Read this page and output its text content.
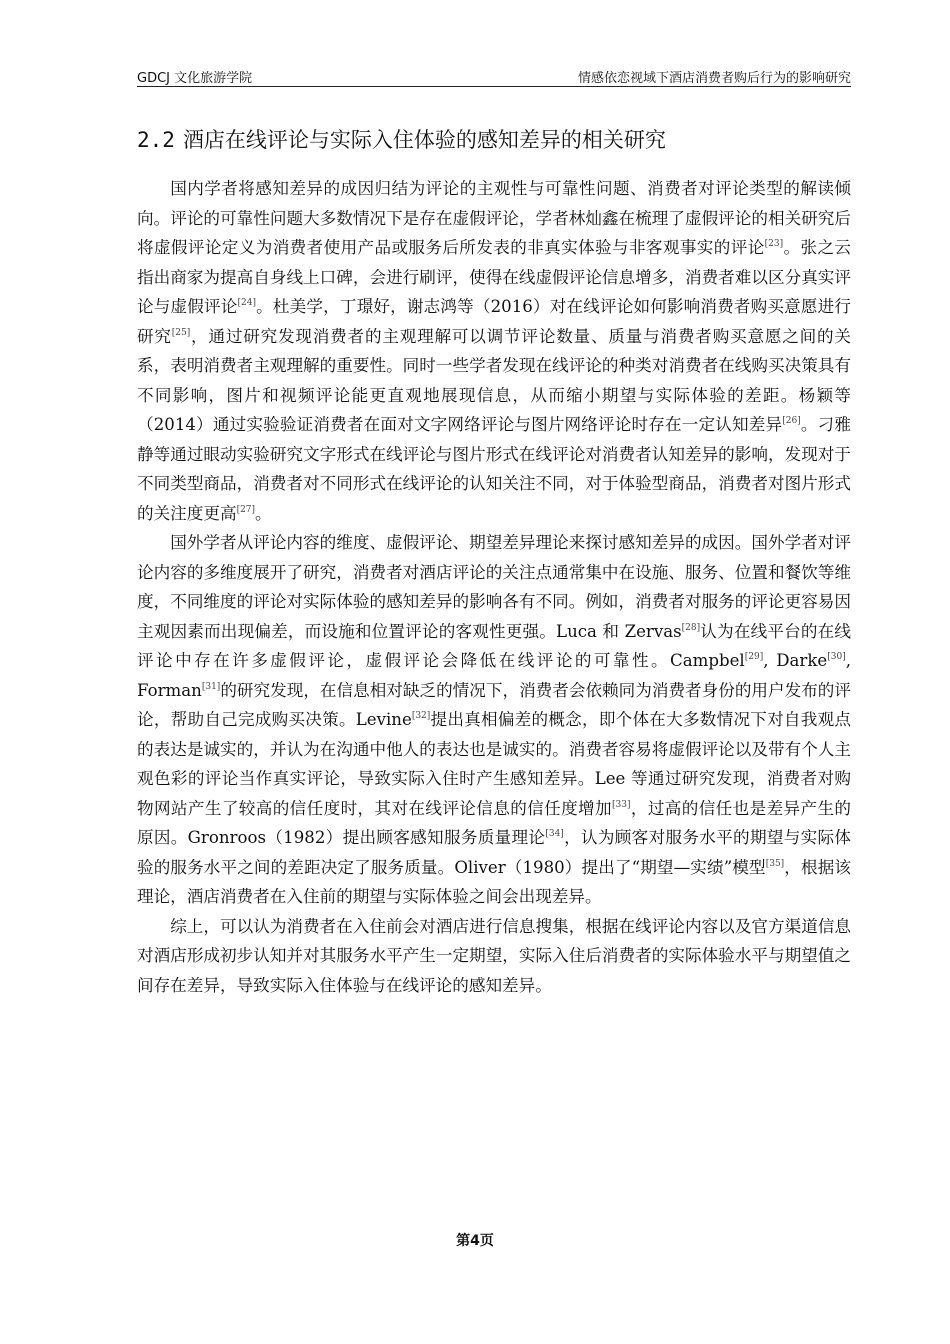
GDCJ 文化旅游学院	情感依恋视域下酒店消费者购后行为的影响研究
2.2 酒店在线评论与实际入住体验的感知差异的相关研究

国内学者将感知差异的成因归结为评论的主观性与可靠性问题、消费者对评论类型的解读倾向。评论的可靠性问题大多数情况下是存在虚假评论，学者林灿鑫在梳理了虚假评论的相关研究后将虚假评论定义为消费者使用产品或服务后所发表的非真实体验与非客观事实的评论[23]。张之云指出商家为提高自身线上口碑，会进行刷评，使得在线虚假评论信息增多，消费者难以区分真实评论与虚假评论[24]。杜美学，丁璟好，谢志鸿等（2016）对在线评论如何影响消费者购买意愿进行研究[25]，通过研究发现消费者的主观理解可以调节评论数量、质量与消费者购买意愿之间的关系，表明消费者主观理解的重要性。同时一些学者发现在线评论的种类对消费者在线购买决策具有不同影响，图片和视频评论能更直观地展现信息，从而缩小期望与实际体验的差距。杨颖等（2014）通过实验验证消费者在面对文字网络评论与图片网络评论时存在一定认知差异[26]。刁雅静等通过眼动实验研究文字形式在线评论与图片形式在线评论对消费者认知差异的影响，发现对于不同类型商品，消费者对不同形式在线评论的认知关注不同，对于体验型商品，消费者对图片形式的关注度更高[27]。

国外学者从评论内容的维度、虚假评论、期望差异理论来探讨感知差异的成因。国外学者对评论内容的多维度展开了研究，消费者对酒店评论的关注点通常集中在设施、服务、位置和餐饮等维度，不同维度的评论对实际体验的感知差异的影响各有不同。例如，消费者对服务的评论更容易因主观因素而出现偏差，而设施和位置评论的客观性更强。Luca 和 Zervas[28]认为在线平台的在线评论中存在许多虚假评论，虚假评论会降低在线评论的可靠性。Campbel[29], Darke[30], Forman[31]的研究发现，在信息相对缺乏的情况下，消费者会依赖同为消费者身份的用户发布的评论，帮助自己完成购买决策。Levine[32]提出真相偏差的概念，即个体在大多数情况下对自我观点的表达是诚实的，并认为在沟通中他人的表达也是诚实的。消费者容易将虚假评论以及带有个人主观色彩的评论当作真实评论，导致实际入住时产生感知差异。Lee 等通过研究发现，消费者对购物网站产生了较高的信任度时，其对在线评论信息的信任度增加[33]，过高的信任也是差异产生的原因。Gronroos（1982）提出顾客感知服务质量理论[34]，认为顾客对服务水平的期望与实际体验的服务水平之间的差距决定了服务质量。Oliver（1980）提出了“期望—实绩”模型[35]，根据该理论，酒店消费者在入住前的期望与实际体验之间会出现差异。

综上，可以认为消费者在入住前会对酒店进行信息搜集，根据在线评论内容以及官方渠道信息对酒店形成初步认知并对其服务水平产生一定期望，实际入住后消费者的实际体验水平与期望值之间存在差异，导致实际入住体验与在线评论的感知差异。

第4页
